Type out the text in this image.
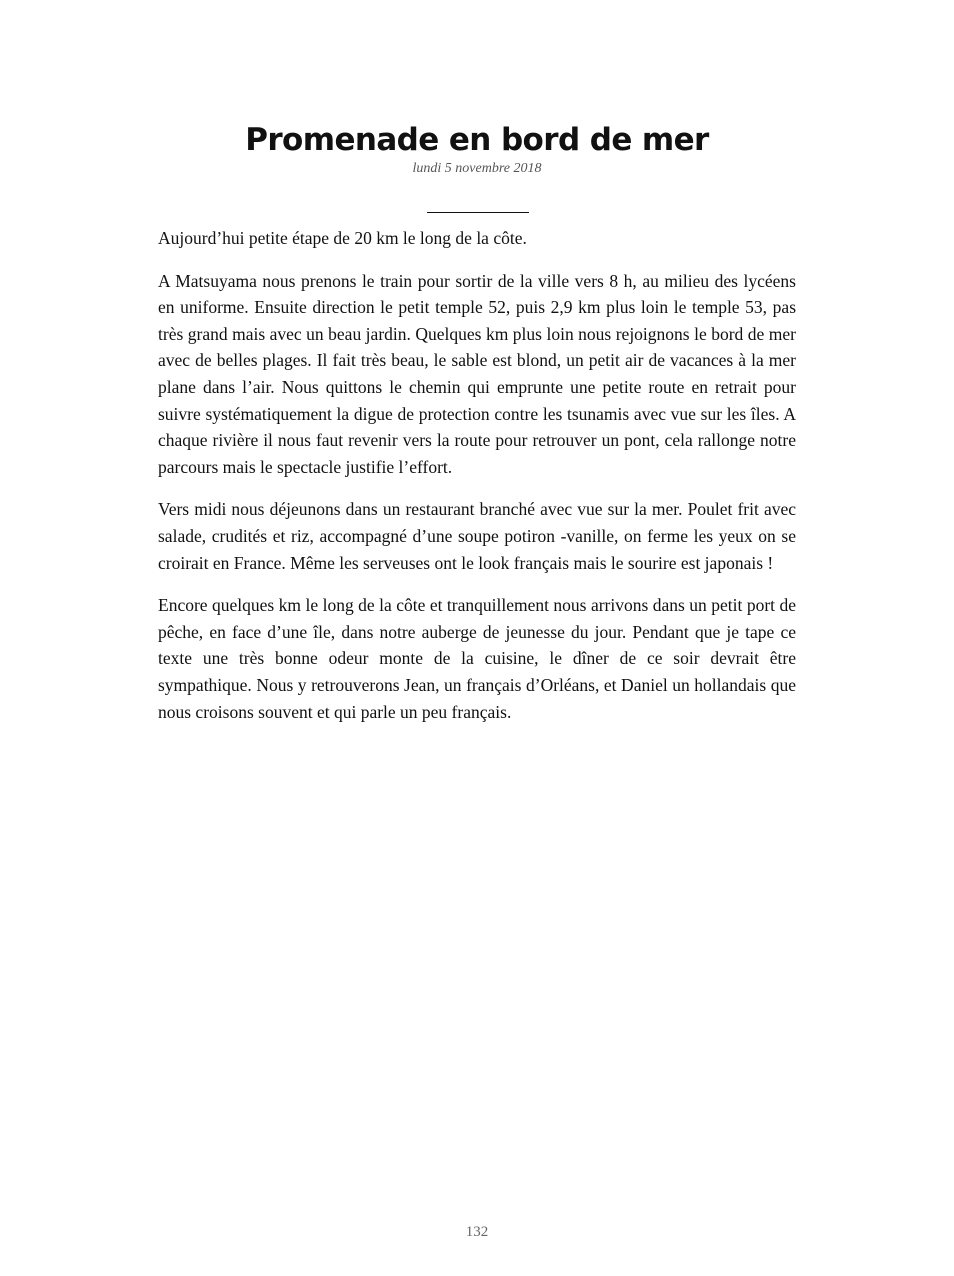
Promenade en bord de mer
lundi 5 novembre 2018

Aujourd’hui petite étape de 20 km le long de la côte.

A Matsuyama nous prenons le train pour sortir de la ville vers 8 h, au milieu des lycéens en uniforme. Ensuite direction le petit temple 52, puis 2,9 km plus loin le temple 53, pas très grand mais avec un beau jardin. Quelques km plus loin nous rejoignons le bord de mer avec de belles plages. Il fait très beau, le sable est blond, un petit air de vacances à la mer plane dans l’air. Nous quittons le chemin qui emprunte une petite route en retrait pour suivre systématiquement la digue de protection contre les tsunamis avec vue sur les îles. A chaque rivière il nous faut revenir vers la route pour retrouver un pont, cela rallonge notre parcours mais le spectacle justifie l’effort.

Vers midi nous déjeunons dans un restaurant branché avec vue sur la mer. Poulet frit avec salade, crudités et riz, accompagné d’une soupe potiron -vanille, on ferme les yeux on se croirait en France. Même les serveuses ont le look français mais le sourire est japonais !

Encore quelques km le long de la côte et tranquillement nous arrivons dans un petit port de pêche, en face d’une île, dans notre auberge de jeunesse du jour. Pendant que je tape ce texte une très bonne odeur monte de la cuisine, le dîner de ce soir devrait être sympathique. Nous y retrouverons Jean, un français d’Orléans, et Daniel un hollandais que nous croisons souvent et qui parle un peu français.

132
